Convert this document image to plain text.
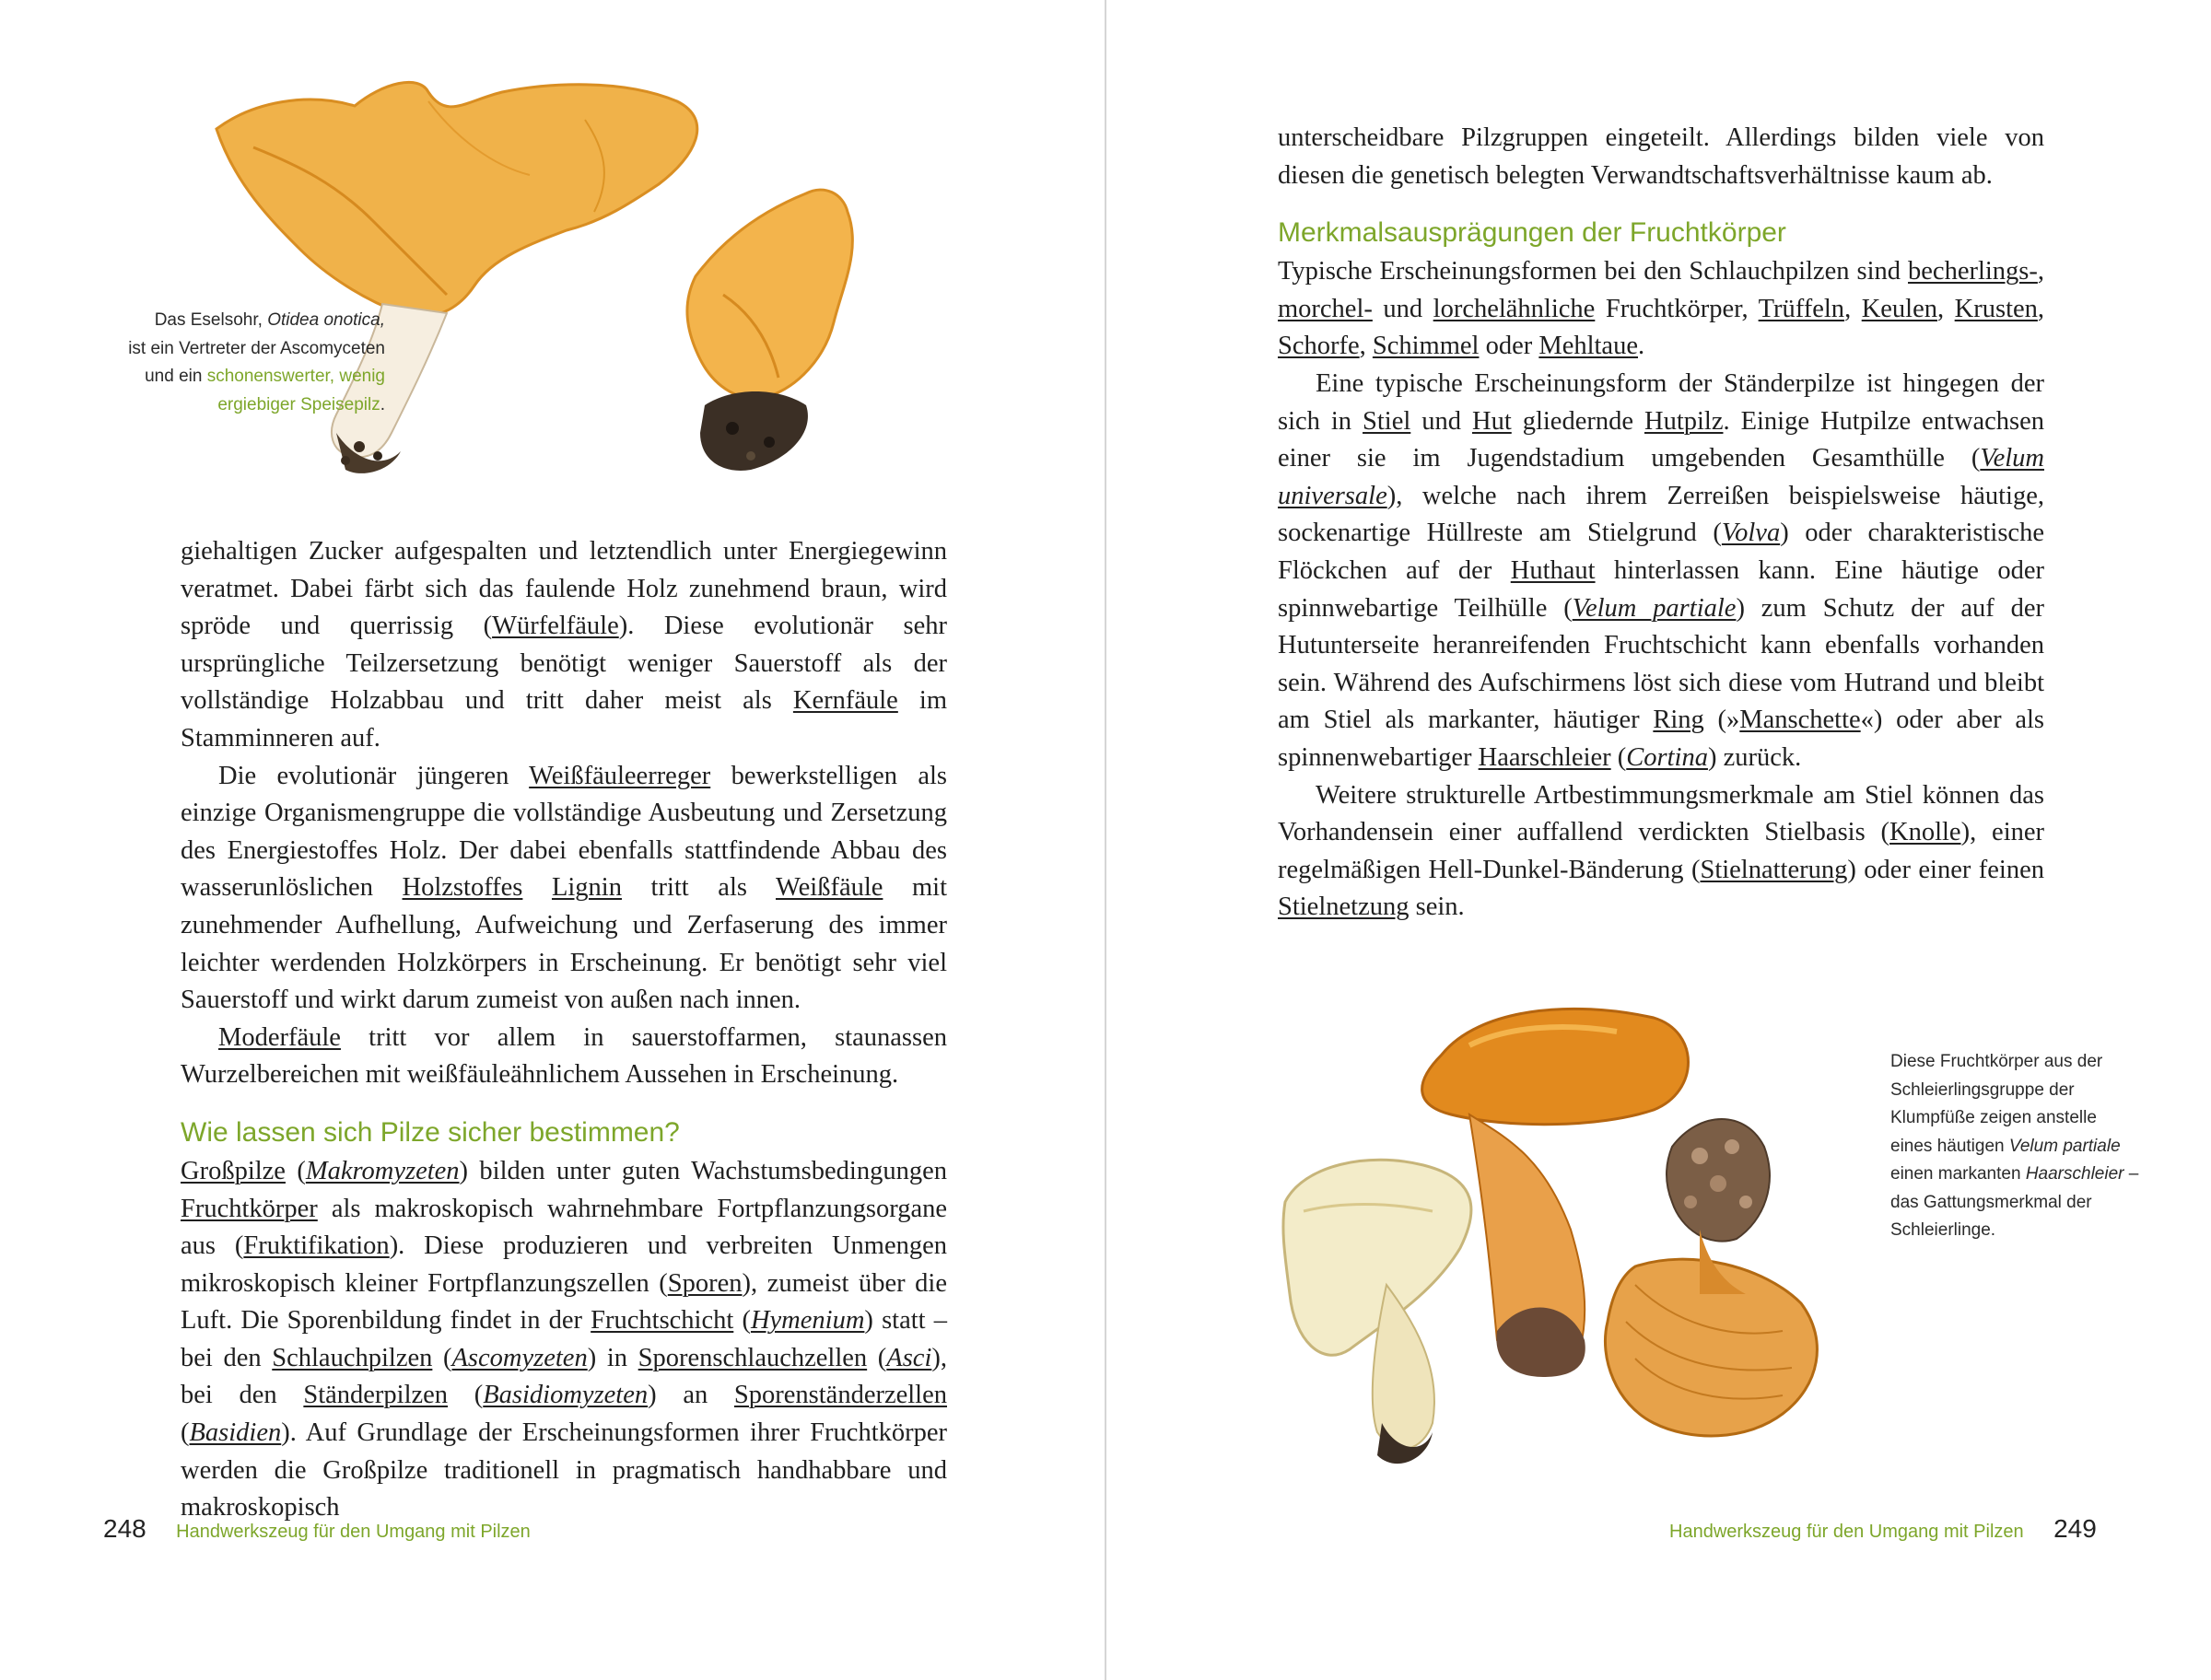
Das Eselsohr, Otidea onotica,
ist ein Vertreter der Ascomyceten
und ein schonenswerter, wenig
ergiebiger Speisepilz.

giehaltigen Zucker aufgespalten und letztendlich unter Energiegewinn veratmet. Dabei färbt sich das faulende Holz zunehmend braun, wird spröde und querrissig (Würfelfäule). Diese evolutionär sehr ursprüngliche Teilzersetzung benötigt weniger Sauerstoff als der vollständige Holzabbau und tritt daher meist als Kernfäule im Stamminneren auf.

Die evolutionär jüngeren Weißfäuleerreger bewerkstelligen als einzige Organismengruppe die vollständige Ausbeutung und Zersetzung des Energiestoffes Holz. Der dabei ebenfalls stattfindende Abbau des wasserunlöslichen Holzstoffes Lignin tritt als Weißfäule mit zunehmender Aufhellung, Aufweichung und Zerfaserung des immer leichter werdenden Holzkörpers in Erscheinung. Er benötigt sehr viel Sauerstoff und wirkt darum zumeist von außen nach innen.

Moderfäule tritt vor allem in sauerstoffarmen, staunassen Wurzelbereichen mit weißfäuleähnlichem Aussehen in Erscheinung.

Wie lassen sich Pilze sicher bestimmen?

Großpilze (Makromyzeten) bilden unter guten Wachstumsbedingungen Fruchtkörper als makroskopisch wahrnehmbare Fortpflanzungsorgane aus (Fruktifikation). Diese produzieren und verbreiten Unmengen mikroskopisch kleiner Fortpflanzungszellen (Sporen), zumeist über die Luft. Die Sporenbildung findet in der Fruchtschicht (Hymenium) statt – bei den Schlauchpilzen (Ascomyzeten) in Sporenschlauchzellen (Asci), bei den Ständerpilzen (Basidiomyzeten) an Sporenständerzellen (Basidien). Auf Grundlage der Erscheinungsformen ihrer Fruchtkörper werden die Großpilze traditionell in pragmatisch handhabbare und makroskopisch

248 Handwerkszeug für den Umgang mit Pilzen

unterscheidbare Pilzgruppen eingeteilt. Allerdings bilden viele von diesen die genetisch belegten Verwandtschaftsverhältnisse kaum ab.

Merkmalsausprägungen der Fruchtkörper

Typische Erscheinungsformen bei den Schlauchpilzen sind becherlings-, morchel- und lorchelähnliche Fruchtkörper, Trüffeln, Keulen, Krusten, Schorfe, Schimmel oder Mehltaue.

Eine typische Erscheinungsform der Ständerpilze ist hingegen der sich in Stiel und Hut gliedernde Hutpilz. Einige Hutpilze entwachsen einer sie im Jugendstadium umgebenden Gesamthülle (Velum universale), welche nach ihrem Zerreißen beispielsweise häutige, sockenartige Hüllreste am Stielgrund (Volva) oder charakteristische Flöckchen auf der Huthaut hinterlassen kann. Eine häutige oder spinnwebartige Teilhülle (Velum partiale) zum Schutz der auf der Hutunterseite heranreifenden Fruchtschicht kann ebenfalls vorhanden sein. Während des Aufschirmens löst sich diese vom Hutrand und bleibt am Stiel als markanter, häutiger Ring (»Manschette«) oder aber als spinnenwebartiger Haarschleier (Cortina) zurück.

Weitere strukturelle Artbestimmungsmerkmale am Stiel können das Vorhandensein einer auffallend verdickten Stielbasis (Knolle), einer regelmäßigen Hell-Dunkel-Bänderung (Stielnatterung) oder einer feinen Stielnetzung sein.

Diese Fruchtkörper aus der
Schleierlingsgruppe der
Klumpfüße zeigen anstelle
eines häutigen Velum partiale
einen markanten Haarschleier –
das Gattungsmerkmal der
Schleierlinge.
Handwerkszeug für den Umgang mit Pilzen 249
